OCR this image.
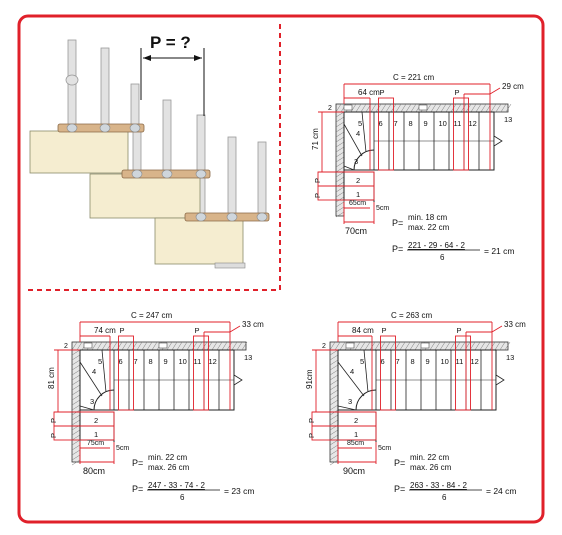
P = ?
1
2
3
4
5 6 7 8 9 10 11 12	13
2
C = 221 cm
64 cm P	P
29 cm
71 cm
P
P
65cm
70cm
5cm
P=
min. 18 cm
max. 22 cm
P= 221 - 29 - 64 - 2
6
= 21 cm
1
2
3
4
5 6 7 8 9 10 11 12	13
2
C = 247 cm
74 cm P	P
33 cm
81 cm
P
P
75cm
80cm
5cm
P=
min. 22 cm
max. 26 cm
P= 247 - 33 - 74 - 2
6
= 23 cm
1
2
3
4
5 6 7 8 9 10 11 12	13
2
C = 263 cm
84 cm P	P
33 cm
91cm
P
P
85cm
90cm
5cm
P=
min. 22 cm
max. 26 cm
P= 263 - 33 - 84 - 2
6
= 24 cm
